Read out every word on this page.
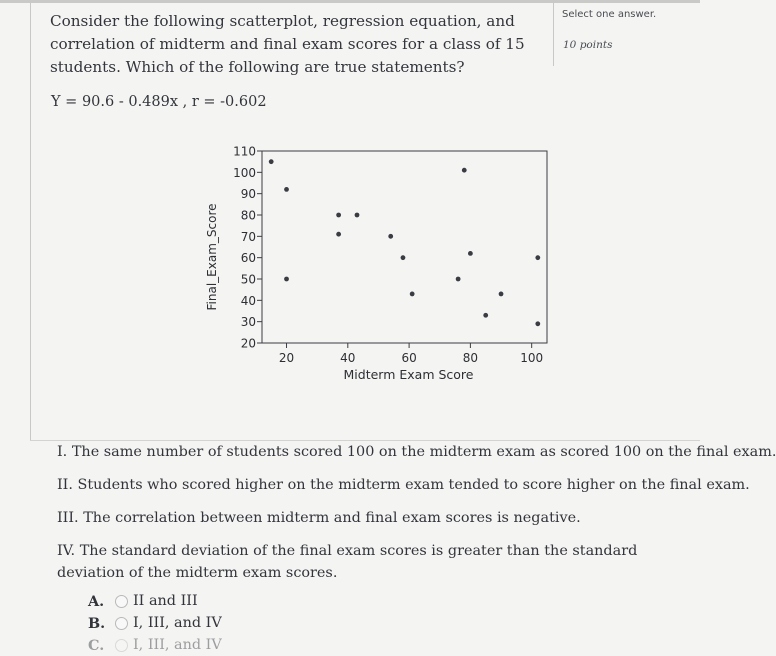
Consider the following scatterplot, regression equation, and correlation of midterm and final exam scores for a class of 15 students. Which of the following are true statements?
Y = 90.6 - 0.489x , r = -0.602
Select one answer.
10 points
20
30
40
50
60
70
80
90
100
110
20	40	60	80	100
Midterm Exam Score
Final_Exam_Score
I. The same number of students scored 100 on the midterm exam as scored 100 on the final exam.
II. Students who scored higher on the midterm exam tended to score higher on the final exam.
III. The correlation between midterm and final exam scores is negative.
IV. The standard deviation of the final exam scores is greater than the standard deviation of the midterm exam scores.
A.	II and III
B.	I, III, and IV
C.	I, III, and IV
